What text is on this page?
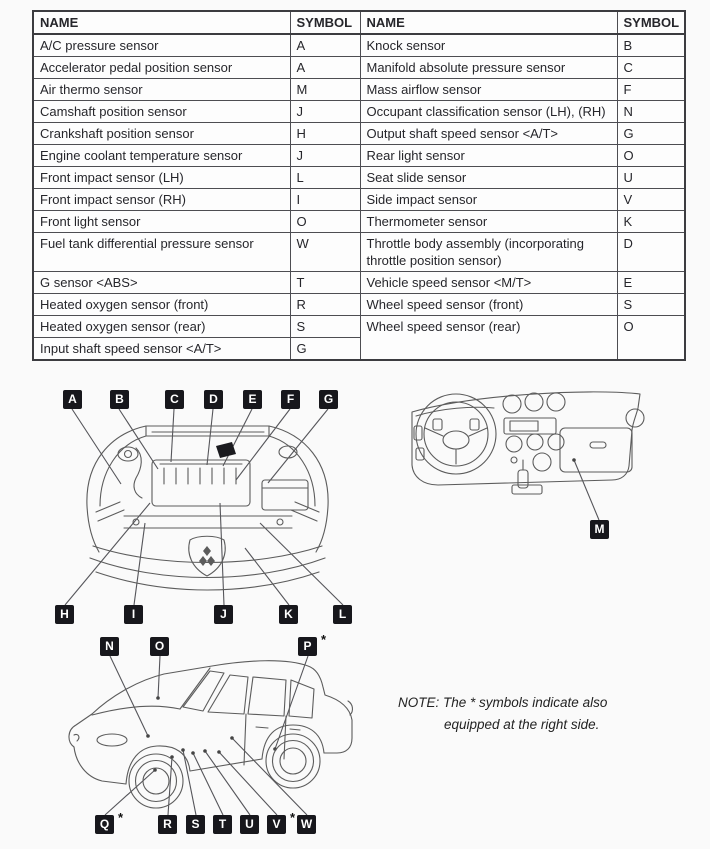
NAME	SYMBOL	NAME	SYMBOL
A/C pressure sensor	A	Knock sensor	B
Accelerator pedal position sensor	A	Manifold absolute pressure sensor	C
Air thermo sensor	M	Mass airflow sensor	F
Camshaft position sensor	J	Occupant classification sensor (LH), (RH)	N
Crankshaft position sensor	H	Output shaft speed sensor <A/T>	G
Engine coolant temperature sensor	J	Rear light sensor	O
Front impact sensor (LH)	L	Seat slide sensor	U
Front impact sensor (RH)	I	Side impact sensor	V
Front light sensor	O	Thermometer sensor	K
Fuel tank differential pressure sensor	W	Throttle body assembly (incorporating throttle position sensor)	D
G sensor <ABS>	T	Vehicle speed sensor <M/T>	E
Heated oxygen sensor (front)	R	Wheel speed sensor (front)	S
Heated oxygen sensor (rear)	S	Wheel speed sensor (rear)	O
Input shaft speed sensor <A/T>	G		
A	B	C	D	E	F	G
H	I	J	K	L
M
N	O	P *
Q *	R	S	T	U	V * W
NOTE: The * symbols indicate also
equipped at the right side.
